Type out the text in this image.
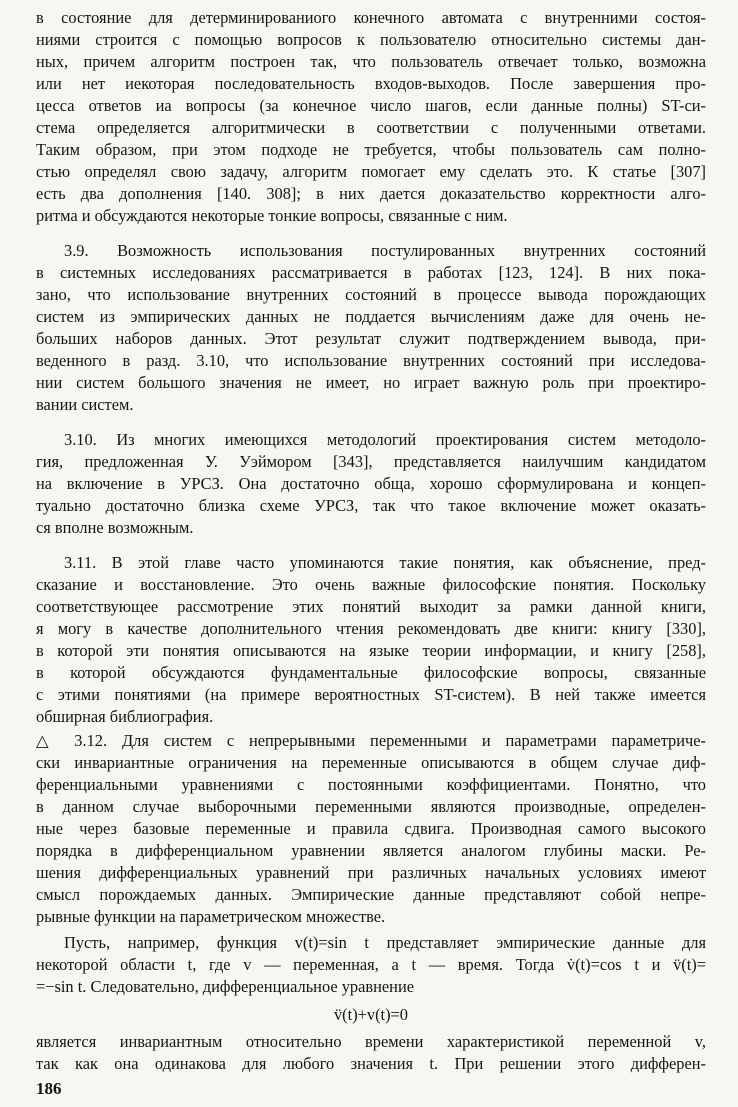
в состояние для детерминированиого конечного автомата с внутренними состоя-
ниями строится с помощью вопросов к пользователю относительно системы дан-
ных, причем алгоритм построен так, что пользователь отвечает только, возможна
или нет иекоторая последовательность входов-выходов. После завершения про-
цесса ответов иа вопросы (за конечное число шагов, если данные полны) ST-си-
стема определяется алгоритмически в соответствии с полученными ответами.
Таким образом, при этом подходе не требуется, чтобы пользователь сам полно-
стью определял свою задачу, алгоритм помогает ему сделать это. К статье [307]
есть два дополнения [140. 308]; в них дается доказательство корректности алго-
ритма и обсуждаются некоторые тонкие вопросы, связанные с ним.
3.9. Возможность использования постулированных внутренних состояний
в системных исследованиях рассматривается в работах [123, 124]. В них пока-
зано, что использование внутренних состояний в процессе вывода порождающих
систем из эмпирических данных не поддается вычислениям даже для очень не-
больших наборов данных. Этот результат служит подтверждением вывода, при-
веденного в разд. 3.10, что использование внутренних состояний при исследова-
нии систем большого значения не имеет, но играет важную роль при проектиро-
вании систем.
3.10. Из многих имеющихся методологий проектирования систем методоло-
гия, предложенная У. Уэймором [343], представляется наилучшим кандидатом
на включение в УРСЗ. Она достаточно обща, хорошо сформулирована и концеп-
туально достаточно близка схеме УРСЗ, так что такое включение может оказать-
ся вполне возможным.
3.11. В этой главе часто упоминаются такие понятия, как объяснение, пред-
сказание и восстановление. Это очень важные философские понятия. Поскольку
соответствующее рассмотрение этих понятий выходит за рамки данной книги,
я могу в качестве дополнительного чтения рекомендовать две книги: книгу [330],
в которой эти понятия описываются на языке теории информации, и книгу [258],
в которой обсуждаются фундаментальные философские вопросы, связанные
с этими понятиями (на примере вероятностных ST-систем). В ней также имеется
обширная библиография.
△ 3.12. Для систем с непрерывными переменными и параметрами параметриче-
ски инвариантные ограничения на переменные описываются в общем случае диф-
ференциальными уравнениями с постоянными коэффициентами. Понятно, что
в данном случае выборочными переменными являются производные, определен-
ные через базовые переменные и правила сдвига. Производная самого высокого
порядка в дифференциальном уравнении является аналогом глубины маски. Ре-
шения дифференциальных уравнений при различных начальных условиях имеют
смысл порождаемых данных. Эмпирические данные представляют собой непре-
рывные функции на параметрическом множестве.
Пусть, например, функция v(t)=sin t представляет эмпирические данные для
некоторой области t, где v — переменная, а t — время. Тогда v̇(t)=cos t и v̈(t)=
=−sin t. Следовательно, дифференциальное уравнение
v̈(t)+v(t)=0
является инвариантным относительно времени характеристикой переменной v,
так как она одинакова для любого значения t. При решении этого дифферен-
186
